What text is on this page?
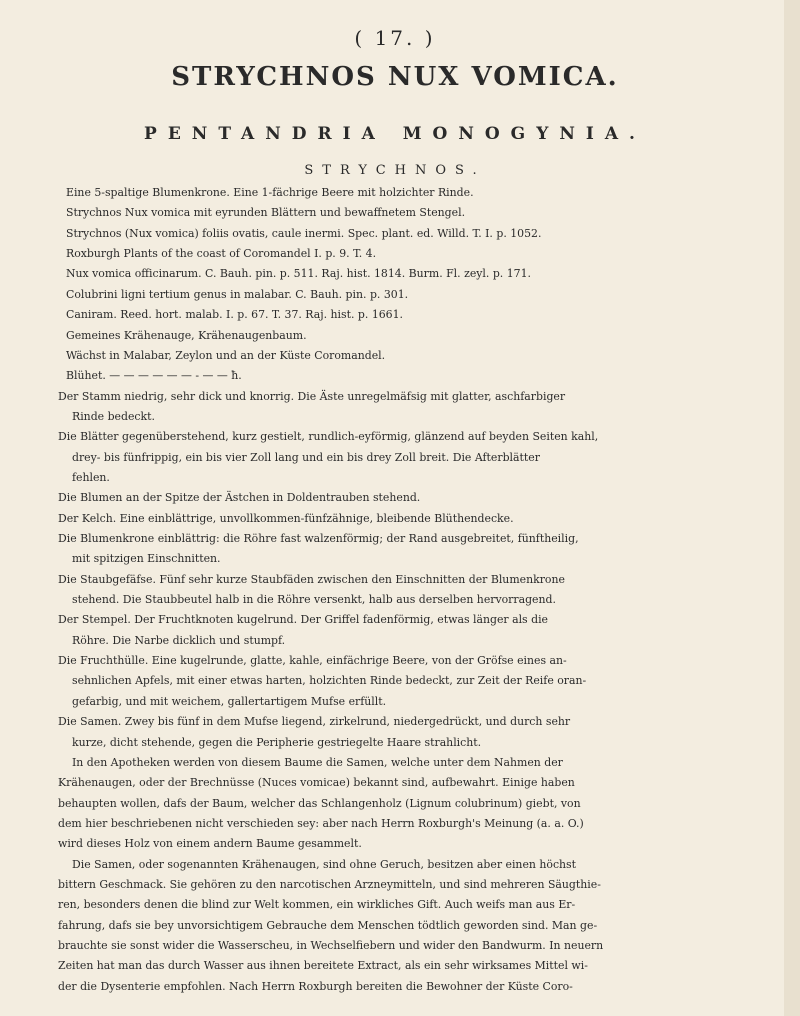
( 17. )
STRYCHNOS NUX VOMICA.
PENTANDRIA MONOGYNIA.
STRYCHNOS.
Eine 5-spaltige Blumenkrone. Eine 1-fächrige Beere mit holzichter Rinde.
Strychnos Nux vomica mit eyrunden Blättern und bewaffnetem Stengel.
Strychnos (Nux vomica) foliis ovatis, caule inermi. Spec. plant. ed. Willd. T. I. p. 1052.
Roxburgh Plants of the coast of Coromandel I. p. 9. T. 4.
Nux vomica officinarum. C. Bauh. pin. p. 511. Raj. hist. 1814. Burm. Fl. zeyl. p. 171.
Colubrini ligni tertium genus in malabar. C. Bauh. pin. p. 301.
Caniram. Reed. hort. malab. I. p. 67. T. 37. Raj. hist. p. 1661.
Gemeines Krähenauge, Krähenaugenbaum.
Wächst in Malabar, Zeylon und an der Küste Coromandel.
Blühet. — — — — — — - — — ħ.
Der Stamm niedrig, sehr dick und knorrig. Die Äste unregelmäfsig mit glatter, aschfarbiger
Rinde bedeckt.
Die Blätter gegenüberstehend, kurz gestielt, rundlich-eyförmig, glänzend auf beyden Seiten kahl,
drey- bis fünfrippig, ein bis vier Zoll lang und ein bis drey Zoll breit. Die Afterblätter
fehlen.
Die Blumen an der Spitze der Ästchen in Doldentrauben stehend.
Der Kelch. Eine einblättrige, unvollkommen-fünfzähnige, bleibende Blüthendecke.
Die Blumenkrone einblättrig: die Röhre fast walzenförmig; der Rand ausgebreitet, fünftheilig,
mit spitzigen Einschnitten.
Die Staubgefäfse. Fünf sehr kurze Staubfäden zwischen den Einschnitten der Blumenkrone
stehend. Die Staubbeutel halb in die Röhre versenkt, halb aus derselben hervorragend.
Der Stempel. Der Fruchtknoten kugelrund. Der Griffel fadenförmig, etwas länger als die
Röhre. Die Narbe dicklich und stumpf.
Die Fruchthülle. Eine kugelrunde, glatte, kahle, einfächrige Beere, von der Gröfse eines an-
sehnlichen Apfels, mit einer etwas harten, holzichten Rinde bedeckt, zur Zeit der Reife oran-
gefarbig, und mit weichem, gallertartigem Mufse erfüllt.
Die Samen. Zwey bis fünf in dem Mufse liegend, zirkelrund, niedergedrückt, und durch sehr
kurze, dicht stehende, gegen die Peripherie gestriegelte Haare strahlicht.
In den Apotheken werden von diesem Baume die Samen, welche unter dem Nahmen der
Krähenaugen, oder der Brechnüsse (Nuces vomicae) bekannt sind, aufbewahrt. Einige haben
behaupten wollen, dafs der Baum, welcher das Schlangenholz (Lignum colubrinum) giebt, von
dem hier beschriebenen nicht verschieden sey: aber nach Herrn Roxburgh's Meinung (a. a. O.)
wird dieses Holz von einem andern Baume gesammelt.
Die Samen, oder sogenannten Krähenaugen, sind ohne Geruch, besitzen aber einen höchst
bittern Geschmack. Sie gehören zu den narcotischen Arzneymitteln, und sind mehreren Säugthie-
ren, besonders denen die blind zur Welt kommen, ein wirkliches Gift. Auch weifs man aus Er-
fahrung, dafs sie bey unvorsichtigem Gebrauche dem Menschen tödtlich geworden sind. Man ge-
brauchte sie sonst wider die Wasserscheu, in Wechselfiebern und wider den Bandwurm. In neuern
Zeiten hat man das durch Wasser aus ihnen bereitete Extract, als ein sehr wirksames Mittel wi-
der die Dysenterie empfohlen. Nach Herrn Roxburgh bereiten die Bewohner der Küste Coro-
